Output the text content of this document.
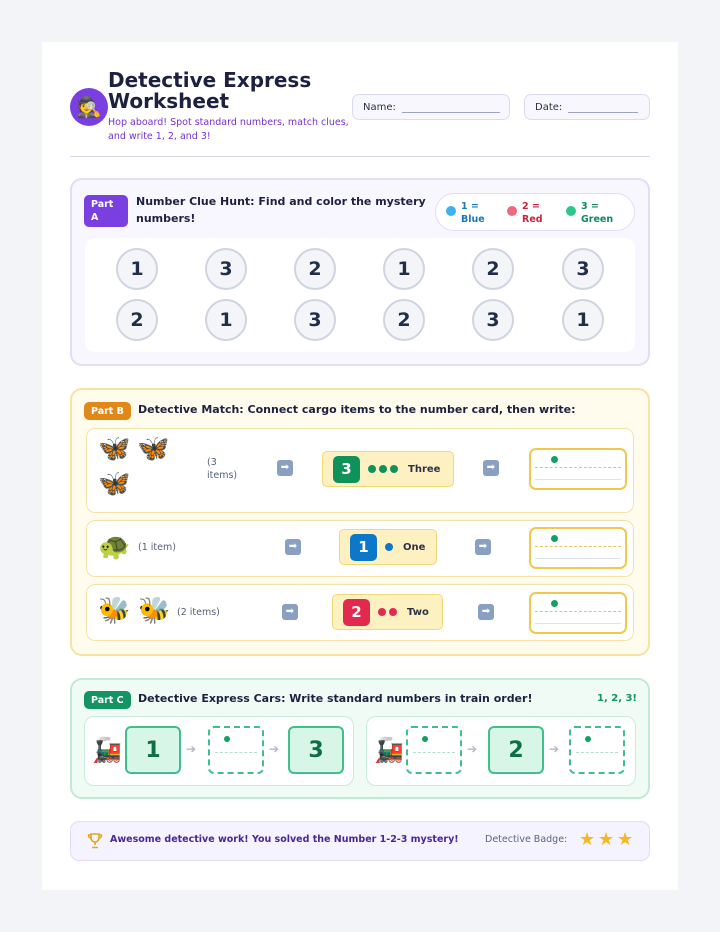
🕵️
Detective Express Worksheet
Hop aboard! Spot standard numbers, match clues, and write 1, 2, and 3!
Name:	Date:
Part A
Number Clue Hunt: Find and color the mystery numbers!
1 = Blue
2 = Red
3 = Green
1	3	2	1	2	3
2	1	3	2	3	1
Part B	Detective Match: Connect cargo items to the number card, then write:
🦋 🦋
🦋
(3 items)
➡	3	Three	➡
🐢 (1 item)	➡	1	One	➡
🐝 🐝 (2 items)	➡	2	Two	➡
Part C	Detective Express Cars: Write standard numbers in train order!	1, 2, 3!
🚂	1	➔	➔	3	🚂	➔	2	➔
Awesome detective work! You solved the Number 1-2-3 mystery!	Detective Badge: ★ ★ ★
